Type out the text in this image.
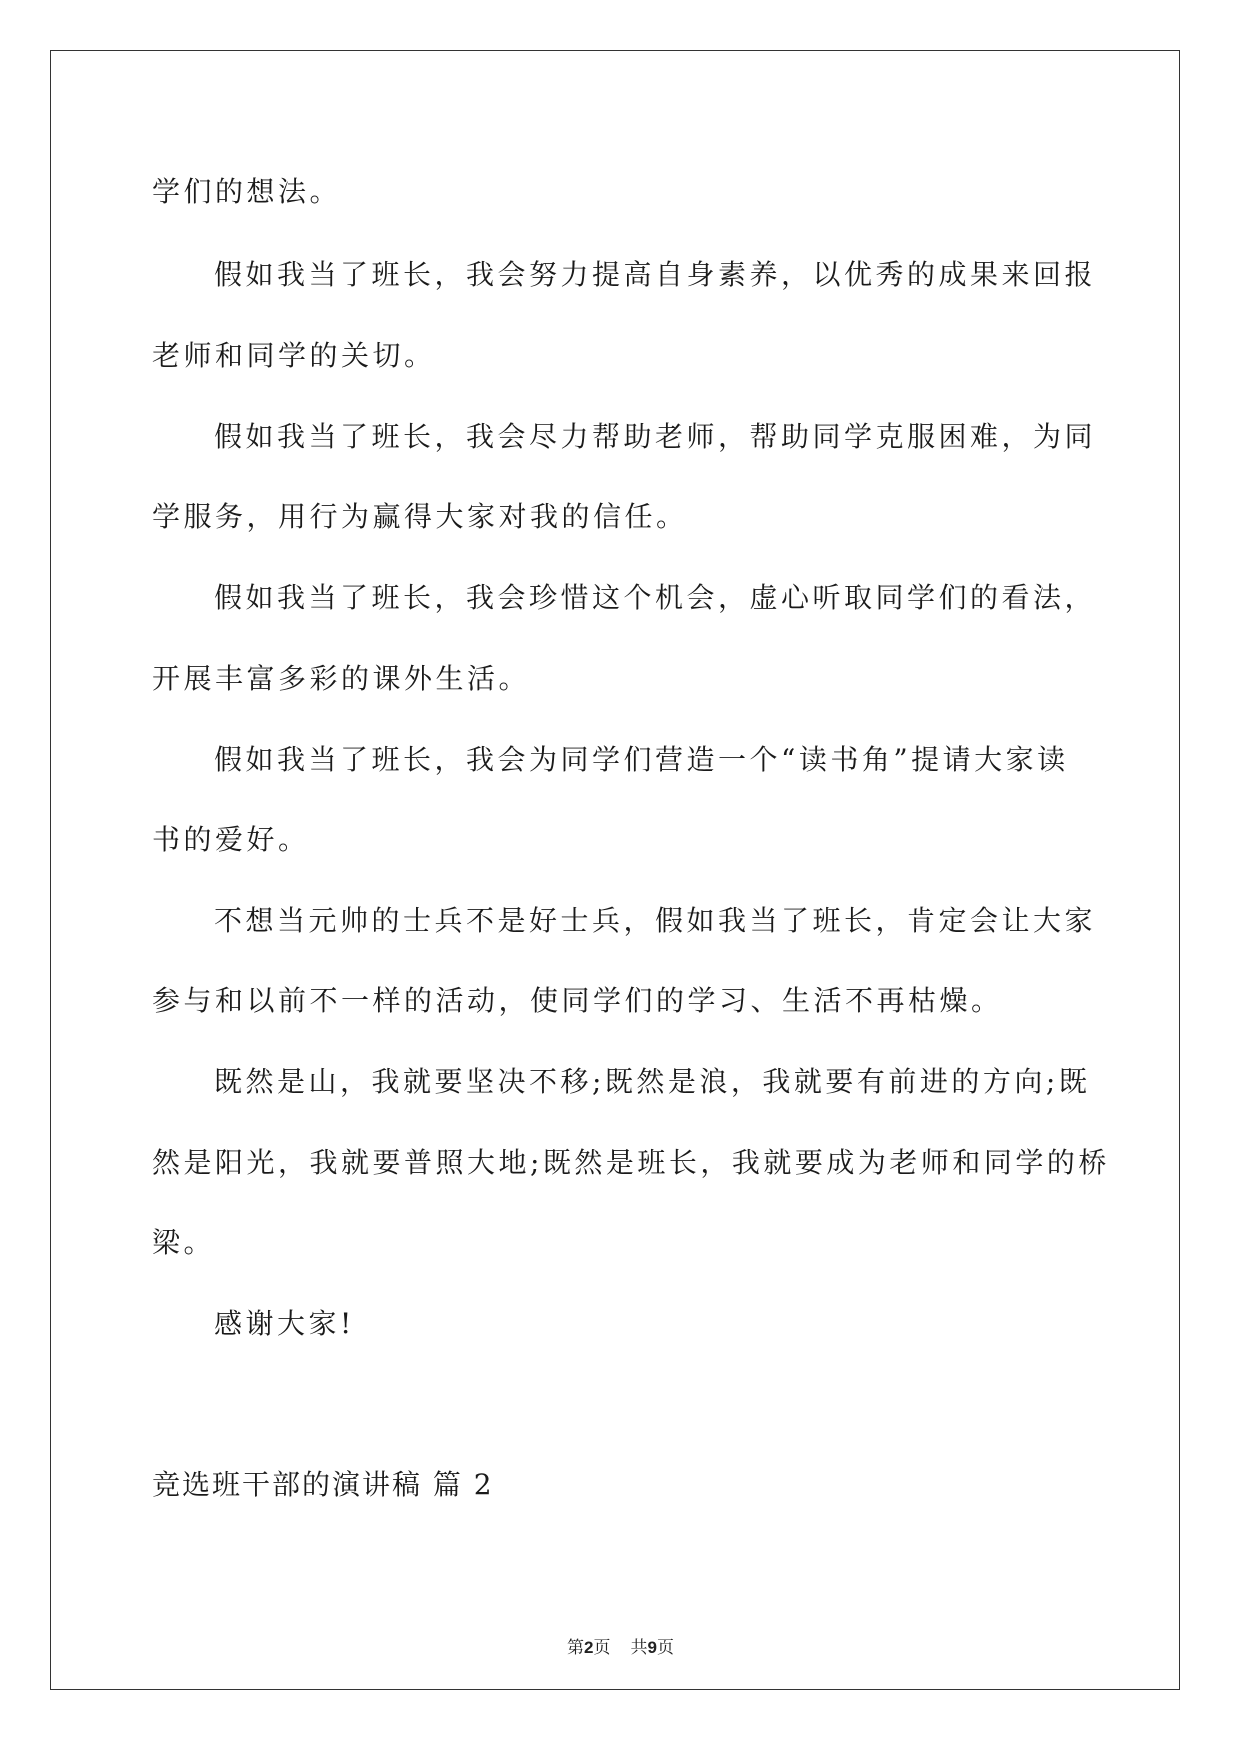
学们的想法。
假如我当了班长，我会努力提高自身素养，以优秀的成果来回报
老师和同学的关切。
假如我当了班长，我会尽力帮助老师，帮助同学克服困难，为同
学服务，用行为赢得大家对我的信任。
假如我当了班长，我会珍惜这个机会，虚心听取同学们的看法，
开展丰富多彩的课外生活。
假如我当了班长，我会为同学们营造一个“读书角”提请大家读
书的爱好。
不想当元帅的士兵不是好士兵，假如我当了班长，肯定会让大家
参与和以前不一样的活动，使同学们的学习、生活不再枯燥。
既然是山，我就要坚决不移;既然是浪，我就要有前进的方向;既
然是阳光，我就要普照大地;既然是班长，我就要成为老师和同学的桥
梁。
感谢大家!
竞选班干部的演讲稿 篇 2
第2页 共9页
